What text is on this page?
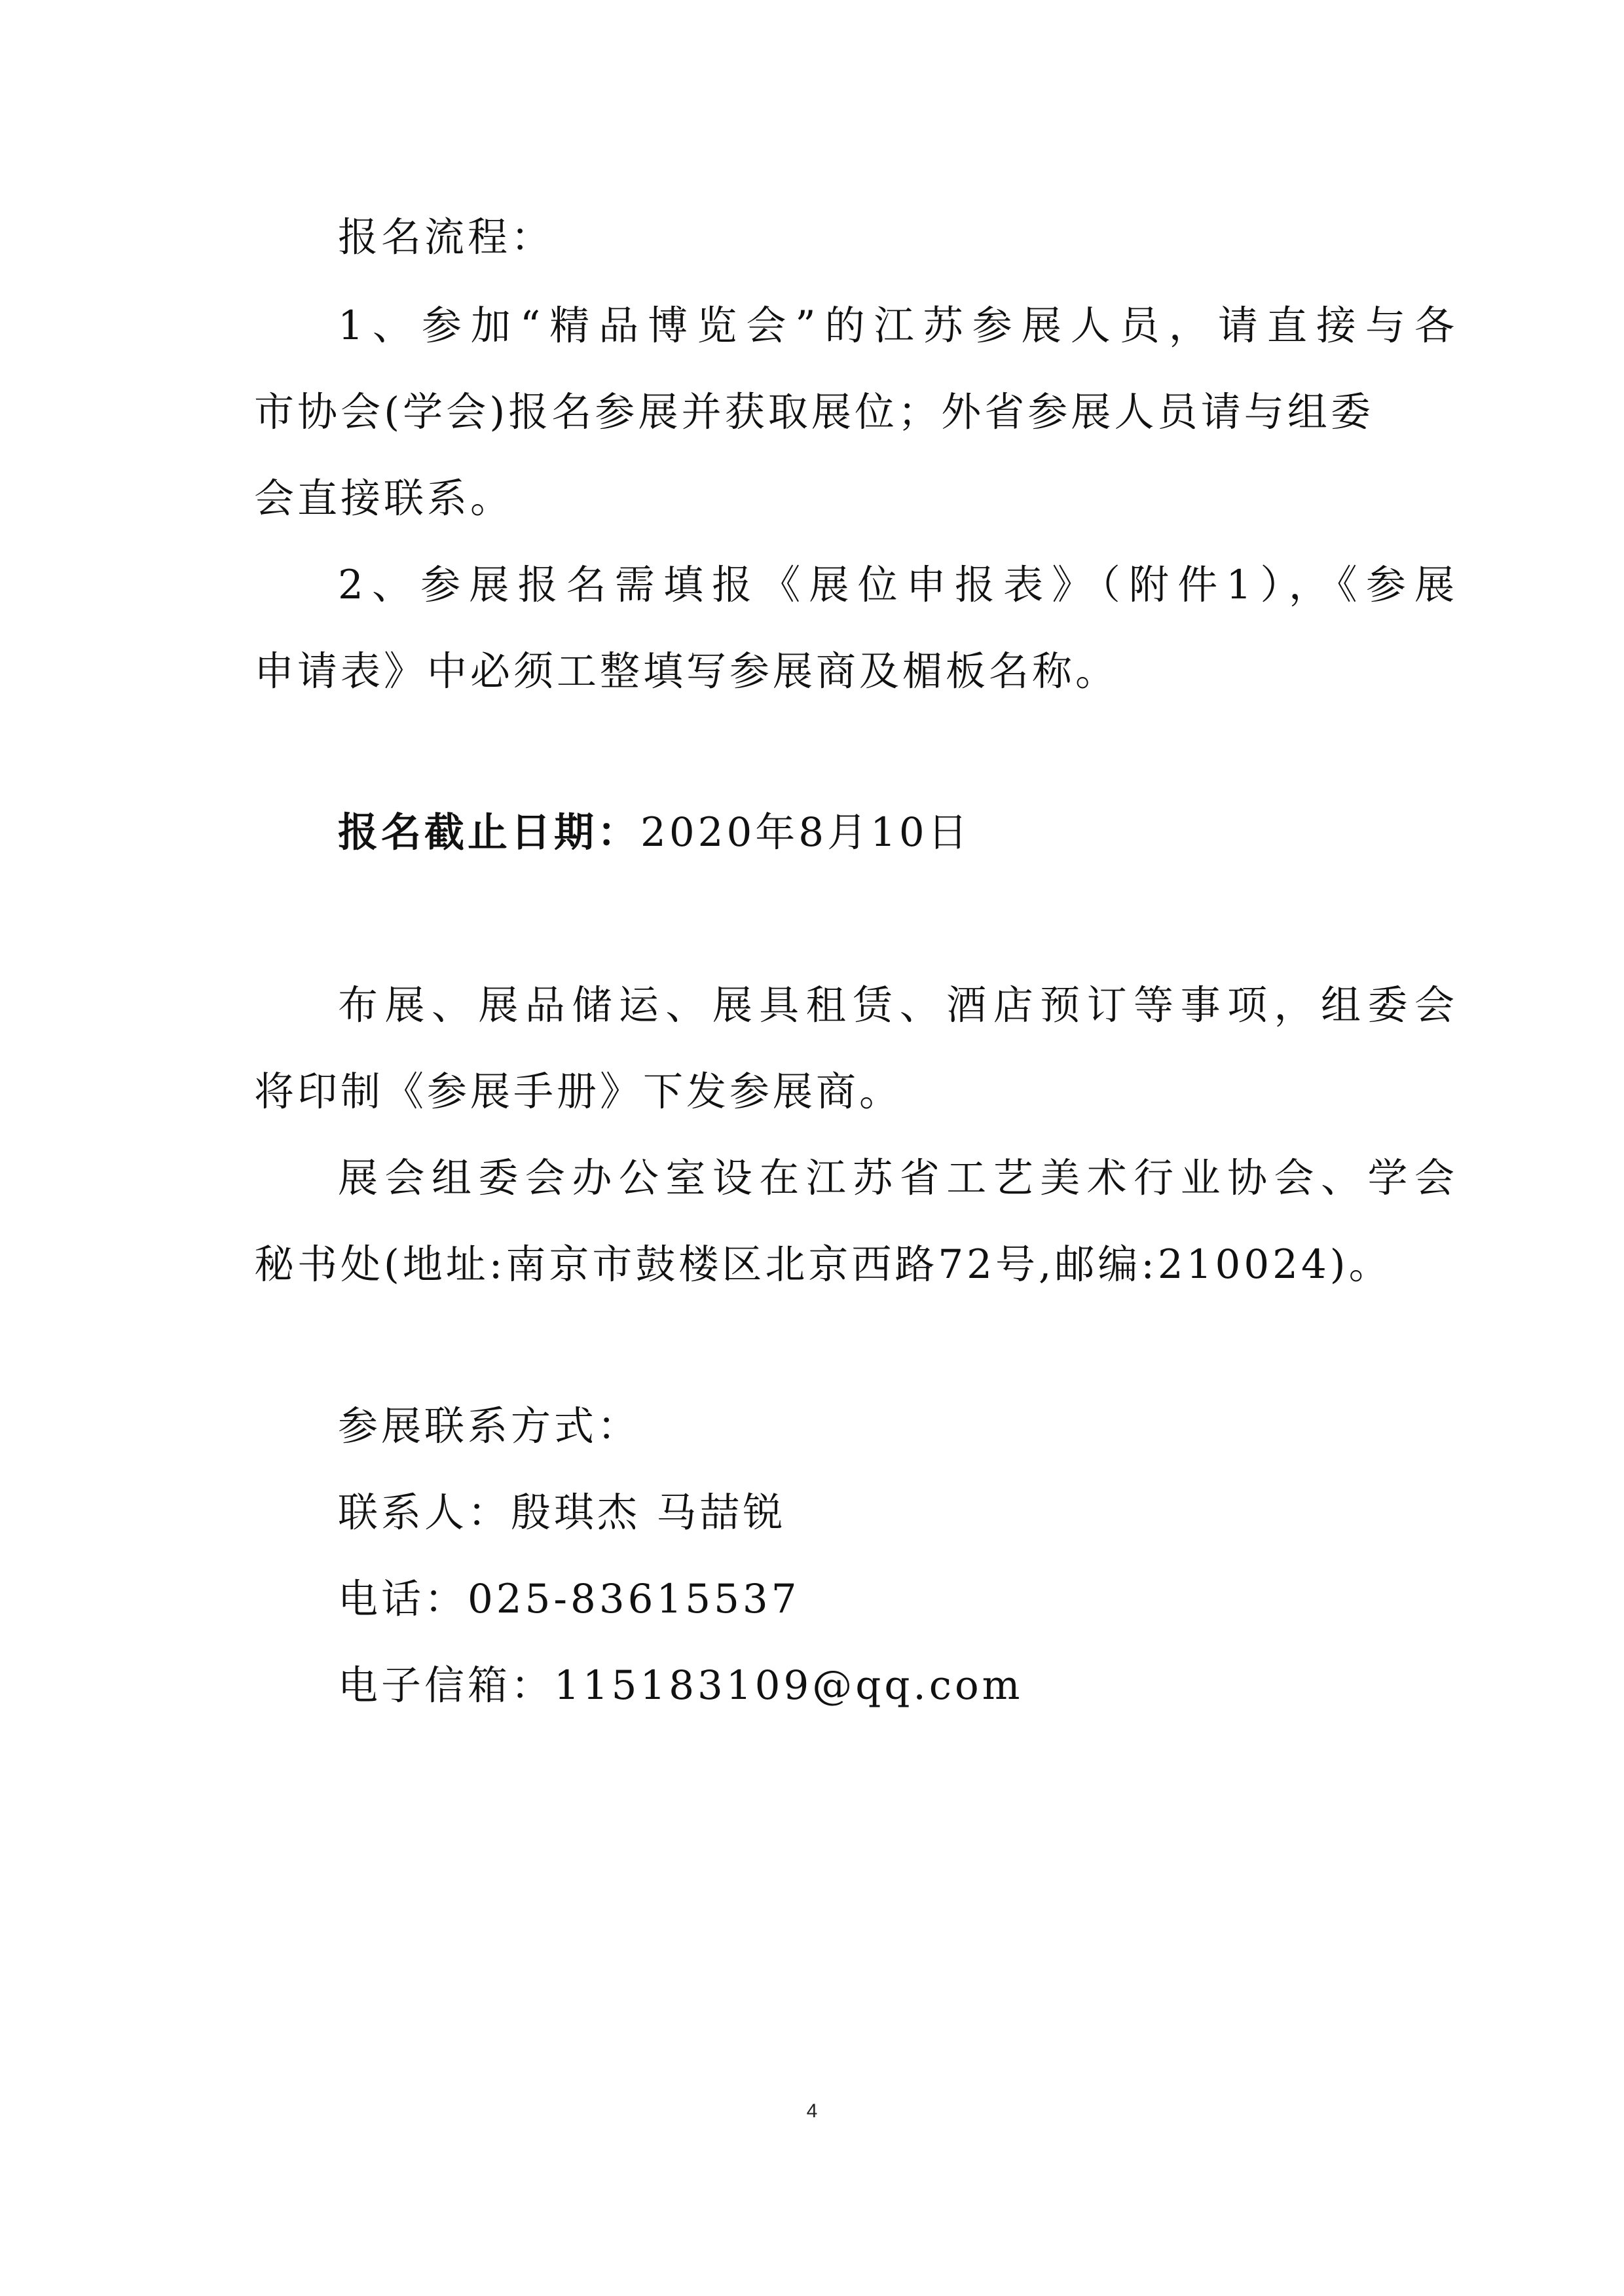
报名流程：
1、参加“精品博览会”的江苏参展人员，请直接与各
市协会(学会)报名参展并获取展位；外省参展人员请与组委
会直接联系。
2、参展报名需填报《展位申报表》（附件1），《参展
申请表》中必须工整填写参展商及楣板名称。
报名截止日期：2020年8月10日
布展、展品储运、展具租赁、酒店预订等事项，组委会
将印制《参展手册》下发参展商。
展会组委会办公室设在江苏省工艺美术行业协会、学会
秘书处(地址:南京市鼓楼区北京西路72号,邮编:210024)。
参展联系方式：
联系人：殷琪杰 马喆锐
电话：025-83615537
电子信箱：115183109@qq.com
4
